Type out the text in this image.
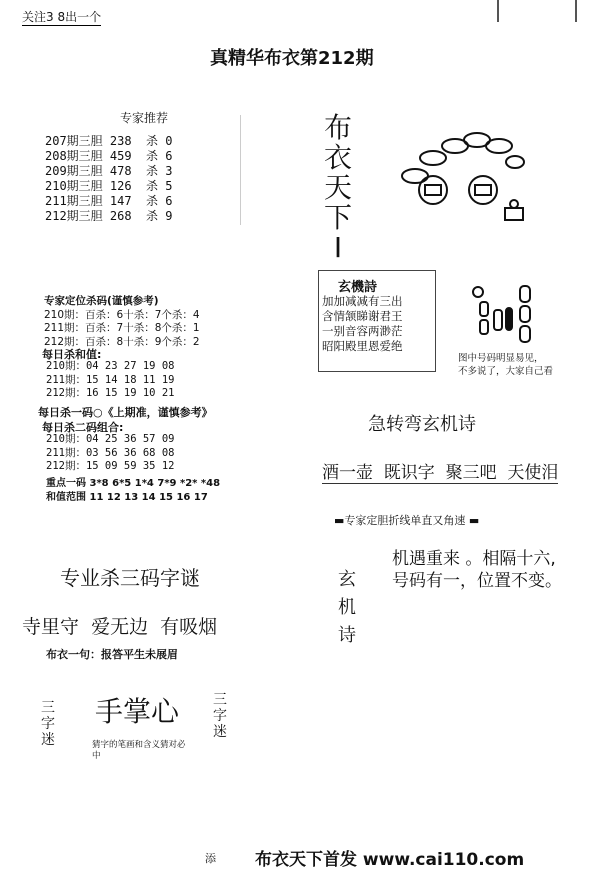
关注3 8出一个
真精华布衣第212期
专家推荐
207期三胆 238  杀 0
208期三胆 459  杀 6
209期三胆 478  杀 3
210期三胆 126  杀 5
211期三胆 147  杀 6
212期三胆 268  杀 9
专家定位杀码(谨慎参考)
210期：百杀：6十杀：7个杀：4
211期：百杀：7十杀：8个杀：1
212期：百杀：8十杀：9个杀：2
每日杀和值:
210期：04 23 27 19 08
211期：15 14 18 11 19
212期：16 15 19 10 21
每日杀一码○《上期准，谨慎参考》
每日杀二码组合:
210期：04 25 36 57 09
211期：03 56 36 68 08
212期：15 09 59 35 12
重点一码 3*8 6*5 1*4 7*9 *2* *48
和值范围 11 12 13 14 15 16 17
专业杀三码字谜
寺里守  爱无边  有吸烟
布衣一句：报答平生未展眉
三字迷
手掌心 三字迷
猜字的笔画和含义猜对必中
布衣天下I
玄機詩
加加减减有三出
含情颔睇谢君王
一别音容两渺茫
昭阳殿里恩爱绝
图中号码明显易见，
不多说了，大家自己看
急转弯玄机诗
酒一壶  既识字  聚三吧  天使泪
▬专家定胆折线单直又角速 ▬
玄机诗
机遇重来 。相隔十六,
号码有一，位置不变。
添 布衣天下首发 www.cai110.com
